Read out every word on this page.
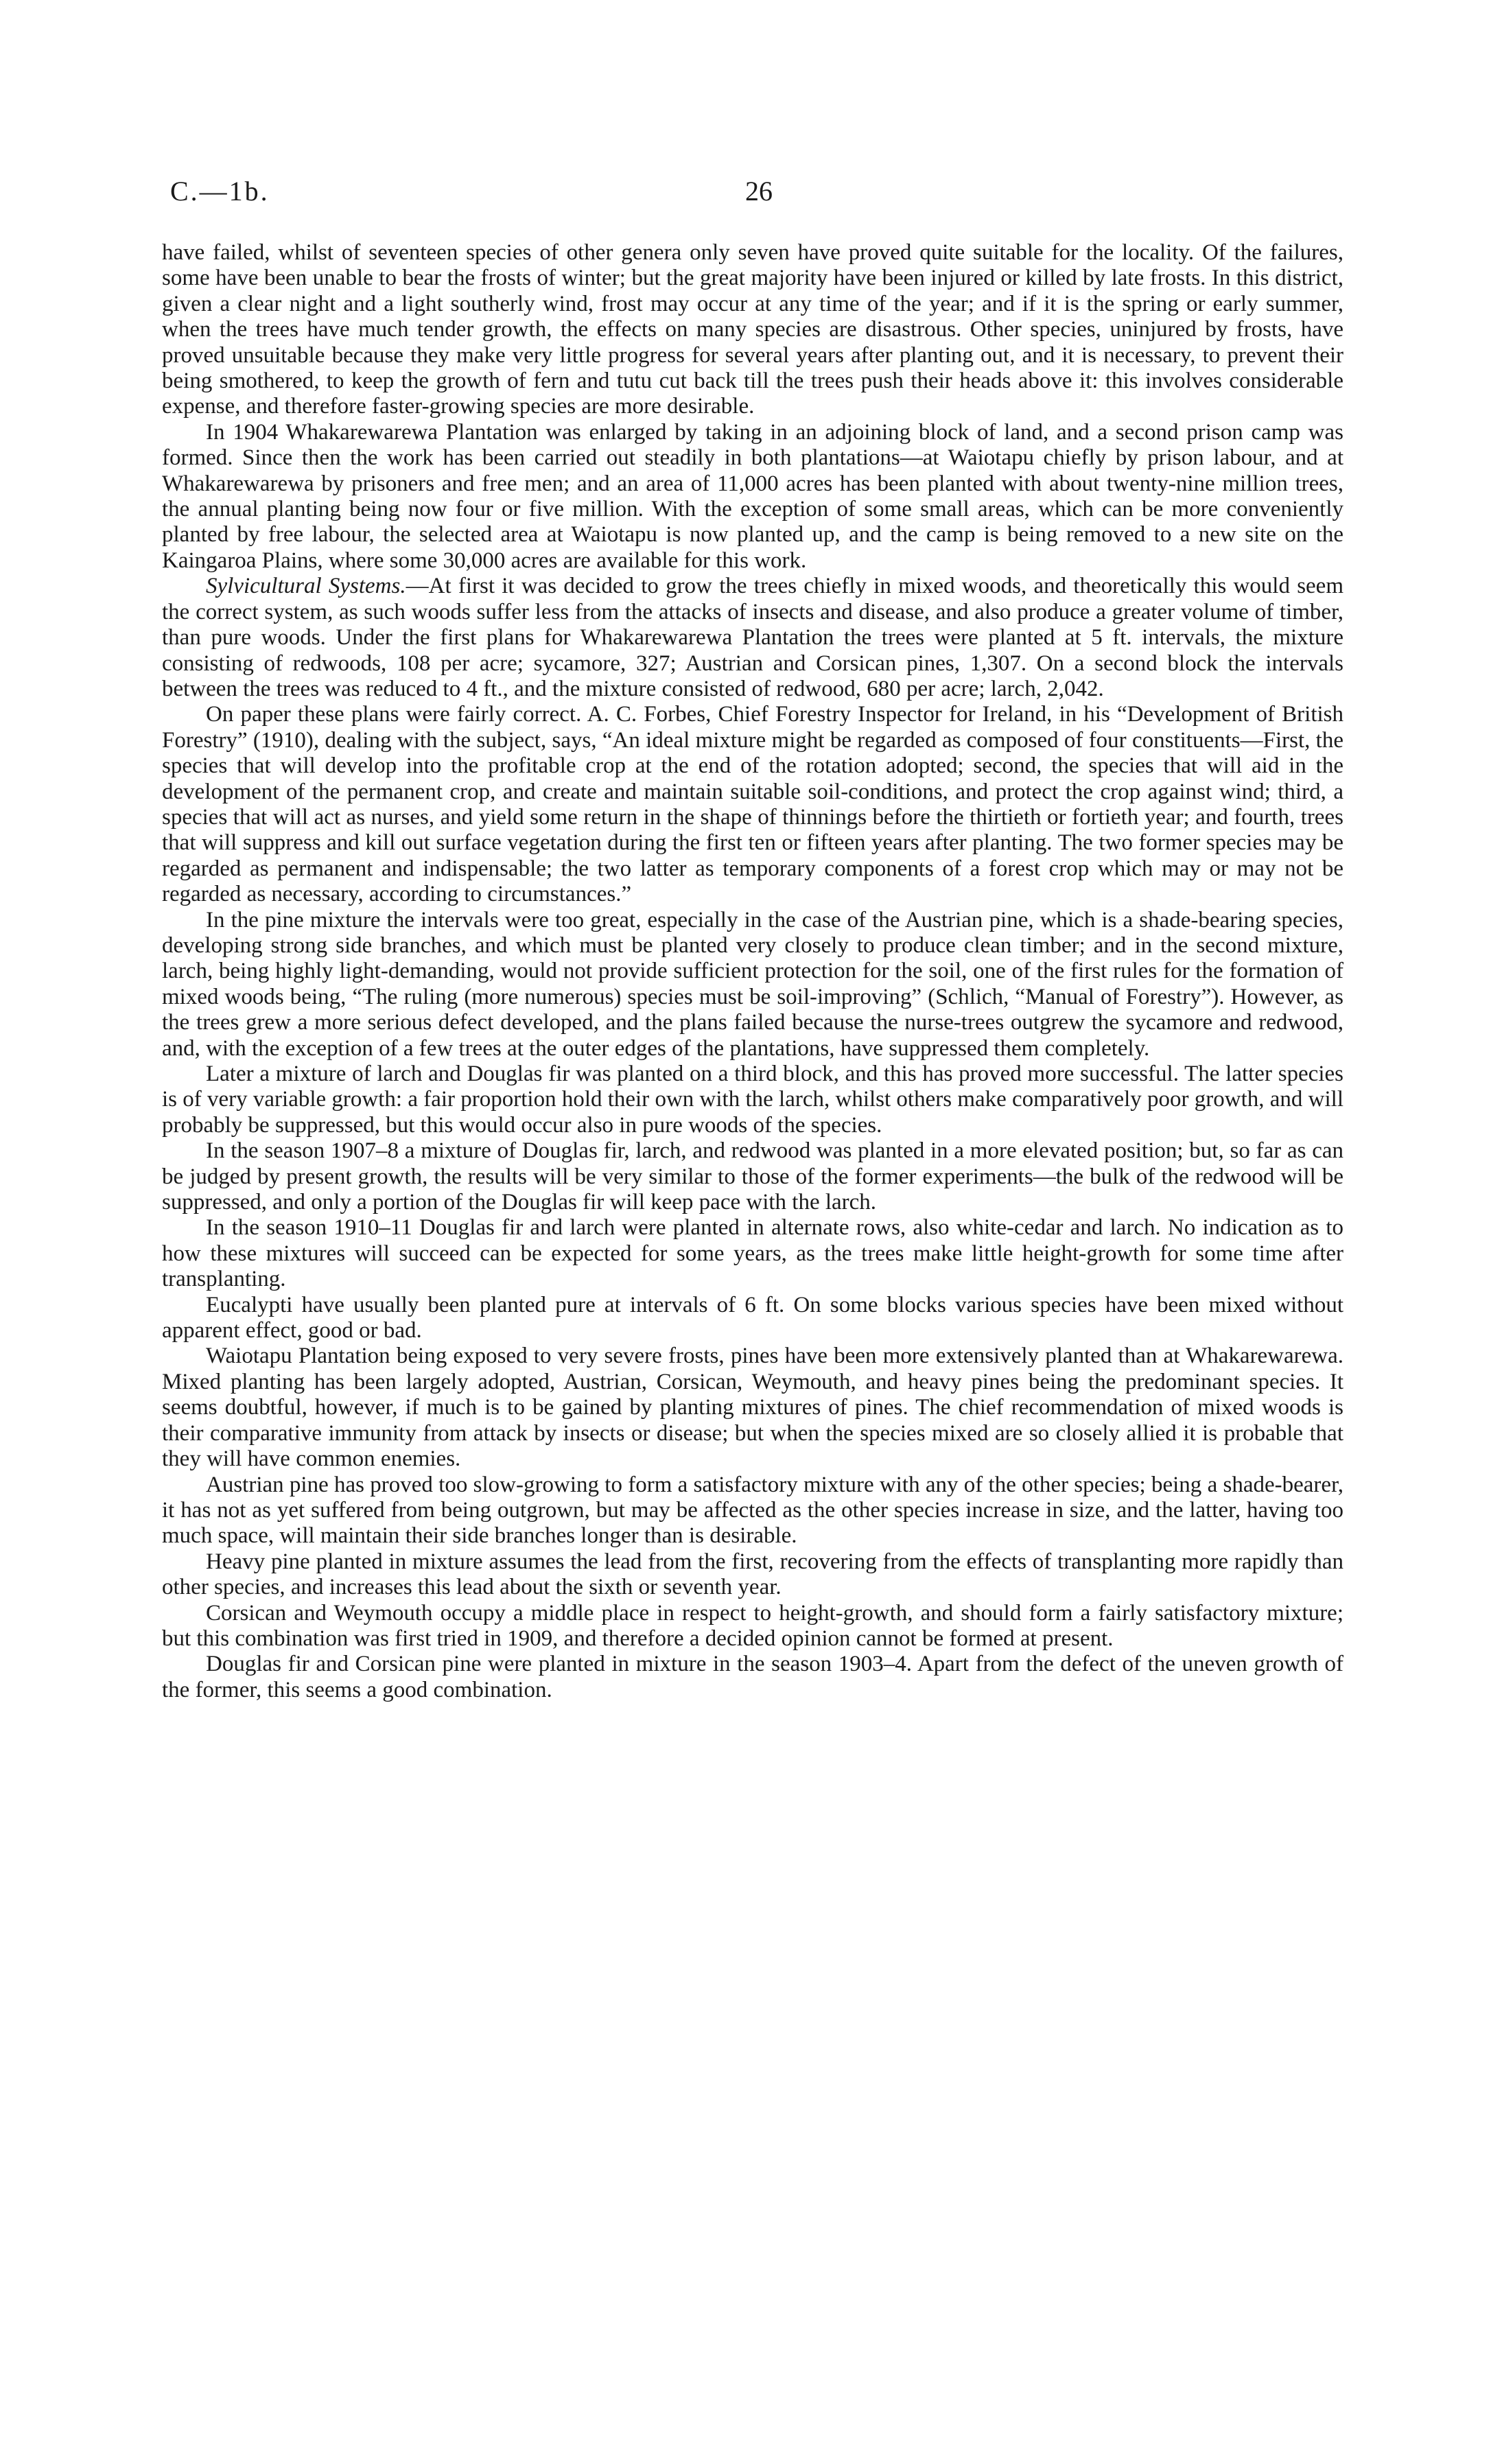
C.—1b.	26

have failed, whilst of seventeen species of other genera only seven have proved quite suitable for the locality. Of the failures, some have been unable to bear the frosts of winter; but the great majority have been injured or killed by late frosts. In this district, given a clear night and a light southerly wind, frost may occur at any time of the year; and if it is the spring or early summer, when the trees have much tender growth, the effects on many species are disastrous. Other species, uninjured by frosts, have proved unsuitable because they make very little progress for several years after planting out, and it is necessary, to prevent their being smothered, to keep the growth of fern and tutu cut back till the trees push their heads above it: this involves considerable expense, and therefore faster-growing species are more desirable.

In 1904 Whakarewarewa Plantation was enlarged by taking in an adjoining block of land, and a second prison camp was formed. Since then the work has been carried out steadily in both plantations—at Waiotapu chiefly by prison labour, and at Whakarewarewa by prisoners and free men; and an area of 11,000 acres has been planted with about twenty-nine million trees, the annual planting being now four or five million. With the exception of some small areas, which can be more conveniently planted by free labour, the selected area at Waiotapu is now planted up, and the camp is being removed to a new site on the Kaingaroa Plains, where some 30,000 acres are available for this work.

Sylvicultural Systems.—At first it was decided to grow the trees chiefly in mixed woods, and theoretically this would seem the correct system, as such woods suffer less from the attacks of insects and disease, and also produce a greater volume of timber, than pure woods. Under the first plans for Whakarewarewa Plantation the trees were planted at 5 ft. intervals, the mixture consisting of redwoods, 108 per acre; sycamore, 327; Austrian and Corsican pines, 1,307. On a second block the intervals between the trees was reduced to 4 ft., and the mixture consisted of redwood, 680 per acre; larch, 2,042.

On paper these plans were fairly correct. A. C. Forbes, Chief Forestry Inspector for Ireland, in his “Development of British Forestry” (1910), dealing with the subject, says, “An ideal mixture might be regarded as composed of four constituents—First, the species that will develop into the profitable crop at the end of the rotation adopted; second, the species that will aid in the development of the permanent crop, and create and maintain suitable soil-conditions, and protect the crop against wind; third, a species that will act as nurses, and yield some return in the shape of thinnings before the thirtieth or fortieth year; and fourth, trees that will suppress and kill out surface vegetation during the first ten or fifteen years after planting. The two former species may be regarded as permanent and indispensable; the two latter as temporary components of a forest crop which may or may not be regarded as necessary, according to circumstances.”

In the pine mixture the intervals were too great, especially in the case of the Austrian pine, which is a shade-bearing species, developing strong side branches, and which must be planted very closely to produce clean timber; and in the second mixture, larch, being highly light-demanding, would not provide sufficient protection for the soil, one of the first rules for the formation of mixed woods being, “The ruling (more numerous) species must be soil-improving” (Schlich, “Manual of Forestry”). However, as the trees grew a more serious defect developed, and the plans failed because the nurse-trees outgrew the sycamore and redwood, and, with the exception of a few trees at the outer edges of the plantations, have suppressed them completely.

Later a mixture of larch and Douglas fir was planted on a third block, and this has proved more successful. The latter species is of very variable growth: a fair proportion hold their own with the larch, whilst others make comparatively poor growth, and will probably be suppressed, but this would occur also in pure woods of the species.

In the season 1907–8 a mixture of Douglas fir, larch, and redwood was planted in a more elevated position; but, so far as can be judged by present growth, the results will be very similar to those of the former experiments—the bulk of the redwood will be suppressed, and only a portion of the Douglas fir will keep pace with the larch.

In the season 1910–11 Douglas fir and larch were planted in alternate rows, also white-cedar and larch. No indication as to how these mixtures will succeed can be expected for some years, as the trees make little height-growth for some time after transplanting.

Eucalypti have usually been planted pure at intervals of 6 ft. On some blocks various species have been mixed without apparent effect, good or bad.

Waiotapu Plantation being exposed to very severe frosts, pines have been more extensively planted than at Whakarewarewa. Mixed planting has been largely adopted, Austrian, Corsican, Weymouth, and heavy pines being the predominant species. It seems doubtful, however, if much is to be gained by planting mixtures of pines. The chief recommendation of mixed woods is their comparative immunity from attack by insects or disease; but when the species mixed are so closely allied it is probable that they will have common enemies.

Austrian pine has proved too slow-growing to form a satisfactory mixture with any of the other species; being a shade-bearer, it has not as yet suffered from being outgrown, but may be affected as the other species increase in size, and the latter, having too much space, will maintain their side branches longer than is desirable.

Heavy pine planted in mixture assumes the lead from the first, recovering from the effects of transplanting more rapidly than other species, and increases this lead about the sixth or seventh year.

Corsican and Weymouth occupy a middle place in respect to height-growth, and should form a fairly satisfactory mixture; but this combination was first tried in 1909, and therefore a decided opinion cannot be formed at present.

Douglas fir and Corsican pine were planted in mixture in the season 1903–4. Apart from the defect of the uneven growth of the former, this seems a good combination.
